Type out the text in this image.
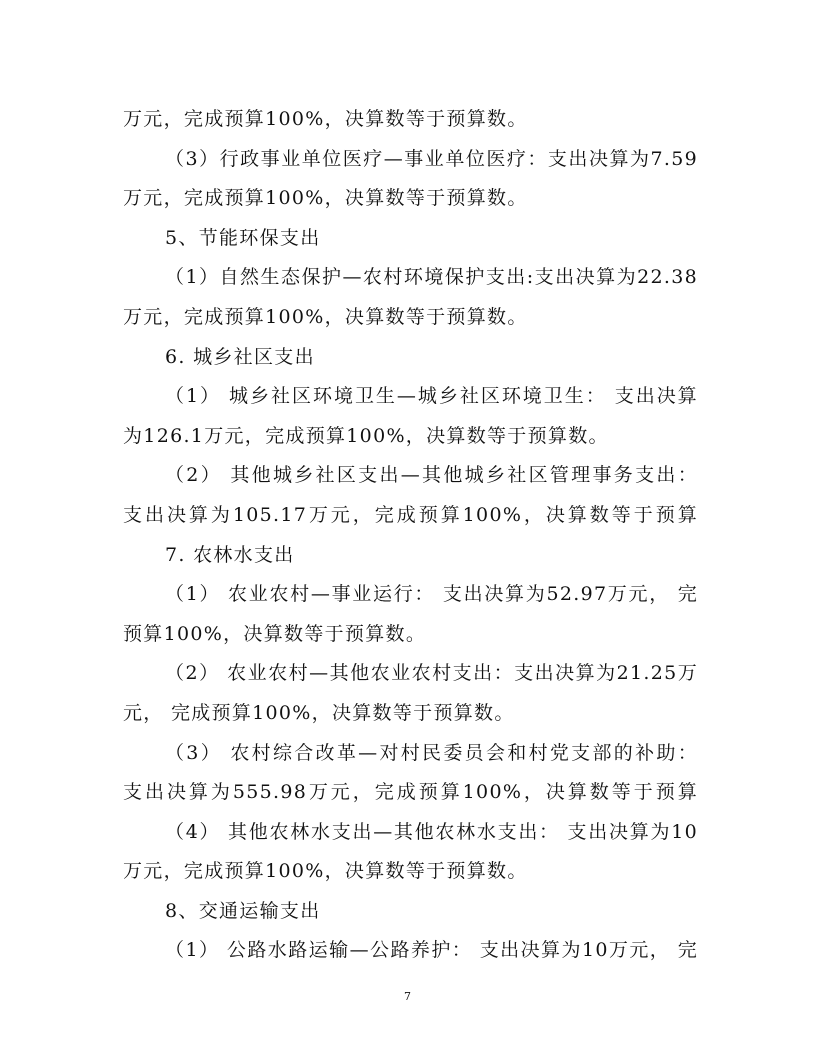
万元，完成预算100%，决算数等于预算数。
（3）行政事业单位医疗—事业单位医疗：支出决算为7.59
万元，完成预算100%，决算数等于预算数。
5、节能环保支出
（1）自然生态保护—农村环境保护支出:支出决算为22.38
万元，完成预算100%，决算数等于预算数。
6. 城乡社区支出
（1） 城乡社区环境卫生—城乡社区环境卫生： 支出决算
为126.1万元，完成预算100%，决算数等于预算数。
（2） 其他城乡社区支出—其他城乡社区管理事务支出：
支出决算为105.17万元，完成预算100%，决算数等于预算
7. 农林水支出
（1） 农业农村—事业运行： 支出决算为52.97万元， 完
预算100%，决算数等于预算数。
（2） 农业农村—其他农业农村支出：支出决算为21.25万
元， 完成预算100%，决算数等于预算数。
（3） 农村综合改革—对村民委员会和村党支部的补助：
支出决算为555.98万元，完成预算100%，决算数等于预算
（4） 其他农林水支出—其他农林水支出： 支出决算为10
万元，完成预算100%，决算数等于预算数。
8、交通运输支出
（1） 公路水路运输—公路养护： 支出决算为10万元， 完
7
